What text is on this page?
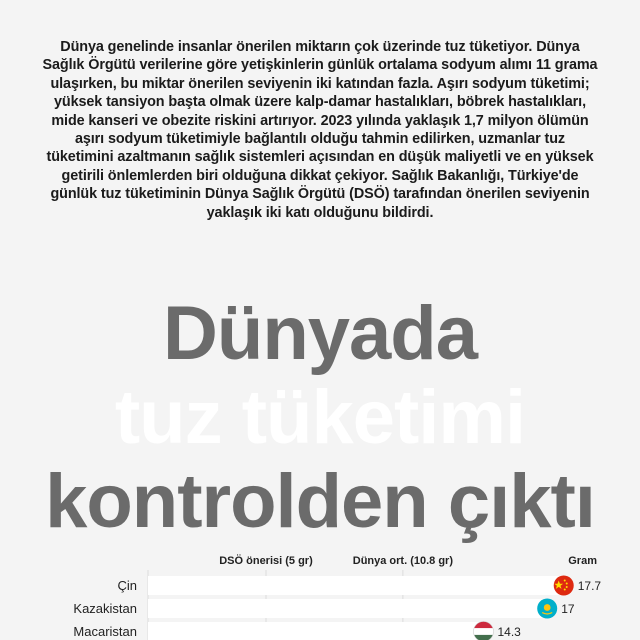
Dünya genelinde insanlar önerilen miktarın çok üzerinde tuz tüketiyor. Dünya Sağlık Örgütü verilerine göre yetişkinlerin günlük ortalama sodyum alımı 11 grama ulaşırken, bu miktar önerilen seviyenin iki katından fazla. Aşırı sodyum tüketimi; yüksek tansiyon başta olmak üzere kalp-damar hastalıkları, böbrek hastalıkları, mide kanseri ve obezite riskini artırıyor. 2023 yılında yaklaşık 1,7 milyon ölümün aşırı sodyum tüketimiyle bağlantılı olduğu tahmin edilirken, uzmanlar tuz tüketimini azaltmanın sağlık sistemleri açısından en düşük maliyetli ve en yüksek getirili önlemlerden biri olduğuna dikkat çekiyor. Sağlık Bakanlığı, Türkiye'de günlük tuz tüketiminin Dünya Sağlık Örgütü (DSÖ) tarafından önerilen seviyenin yaklaşık iki katı olduğunu bildirdi.

Dünyada
tuz tüketimi
kontrolden çıktı
DSÖ önerisi (5 gr)	Dünya ort. (10.8 gr)	Gram
Çin	17.7
Kazakistan	17
Macaristan	14.3
